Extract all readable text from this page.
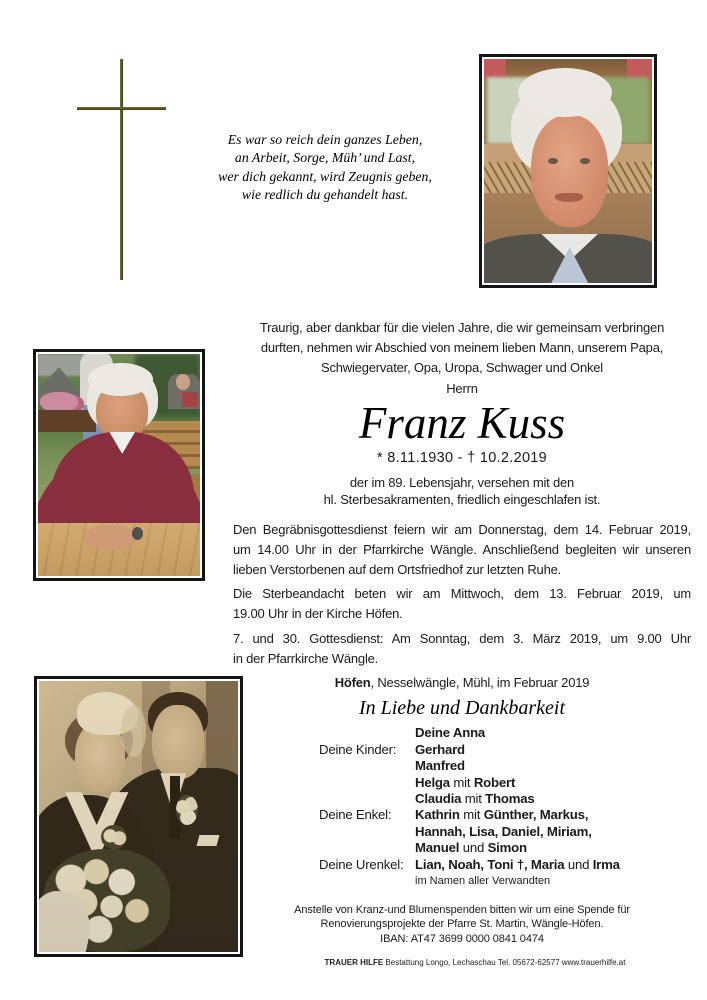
Es war so reich dein ganzes Leben,
an Arbeit, Sorge, Müh’ und Last,
wer dich gekannt, wird Zeugnis geben,
wie redlich du gehandelt hast.
Traurig, aber dankbar für die vielen Jahre, die wir gemeinsam verbringen
durften, nehmen wir Abschied von meinem lieben Mann, unserem Papa,
Schwiegervater, Opa, Uropa, Schwager und Onkel
Herrn
Franz Kuss
* 8.11.1930 - † 10.2.2019
der im 89. Lebensjahr, versehen mit den
hl. Sterbesakramenten, friedlich eingeschlafen ist.
Den Begräbnisgottesdienst feiern wir am Donnerstag, dem 14. Februar 2019,
um 14.00 Uhr in der Pfarrkirche Wängle. Anschließend begleiten wir unseren
lieben Verstorbenen auf dem Ortsfriedhof zur letzten Ruhe.
Die Sterbeandacht beten wir am Mittwoch, dem 13. Februar 2019, um
19.00 Uhr in der Kirche Höfen.
7. und 30. Gottesdienst: Am Sonntag, dem 3. März 2019, um 9.00 Uhr
in der Pfarrkirche Wängle.
Höfen, Nesselwängle, Mühl, im Februar 2019
In Liebe und Dankbarkeit
Deine Anna
Deine Kinder:	Gerhard
Manfred
Helga mit Robert
Claudia mit Thomas
Deine Enkel:	Kathrin mit Günther, Markus,
Hannah, Lisa, Daniel, Miriam,
Manuel und Simon
Deine Urenkel: Lian, Noah, Toni †, Maria und Irma
im Namen aller Verwandten
Anstelle von Kranz-und Blumenspenden bitten wir um eine Spende für
Renovierungsprojekte der Pfarre St. Martin, Wängle-Höfen.
IBAN: AT47 3699 0000 0841 0474
TRAUER HILFE Bestattung Longo, Lechaschau Tel. 05672-62577 www.trauerhilfe.at
